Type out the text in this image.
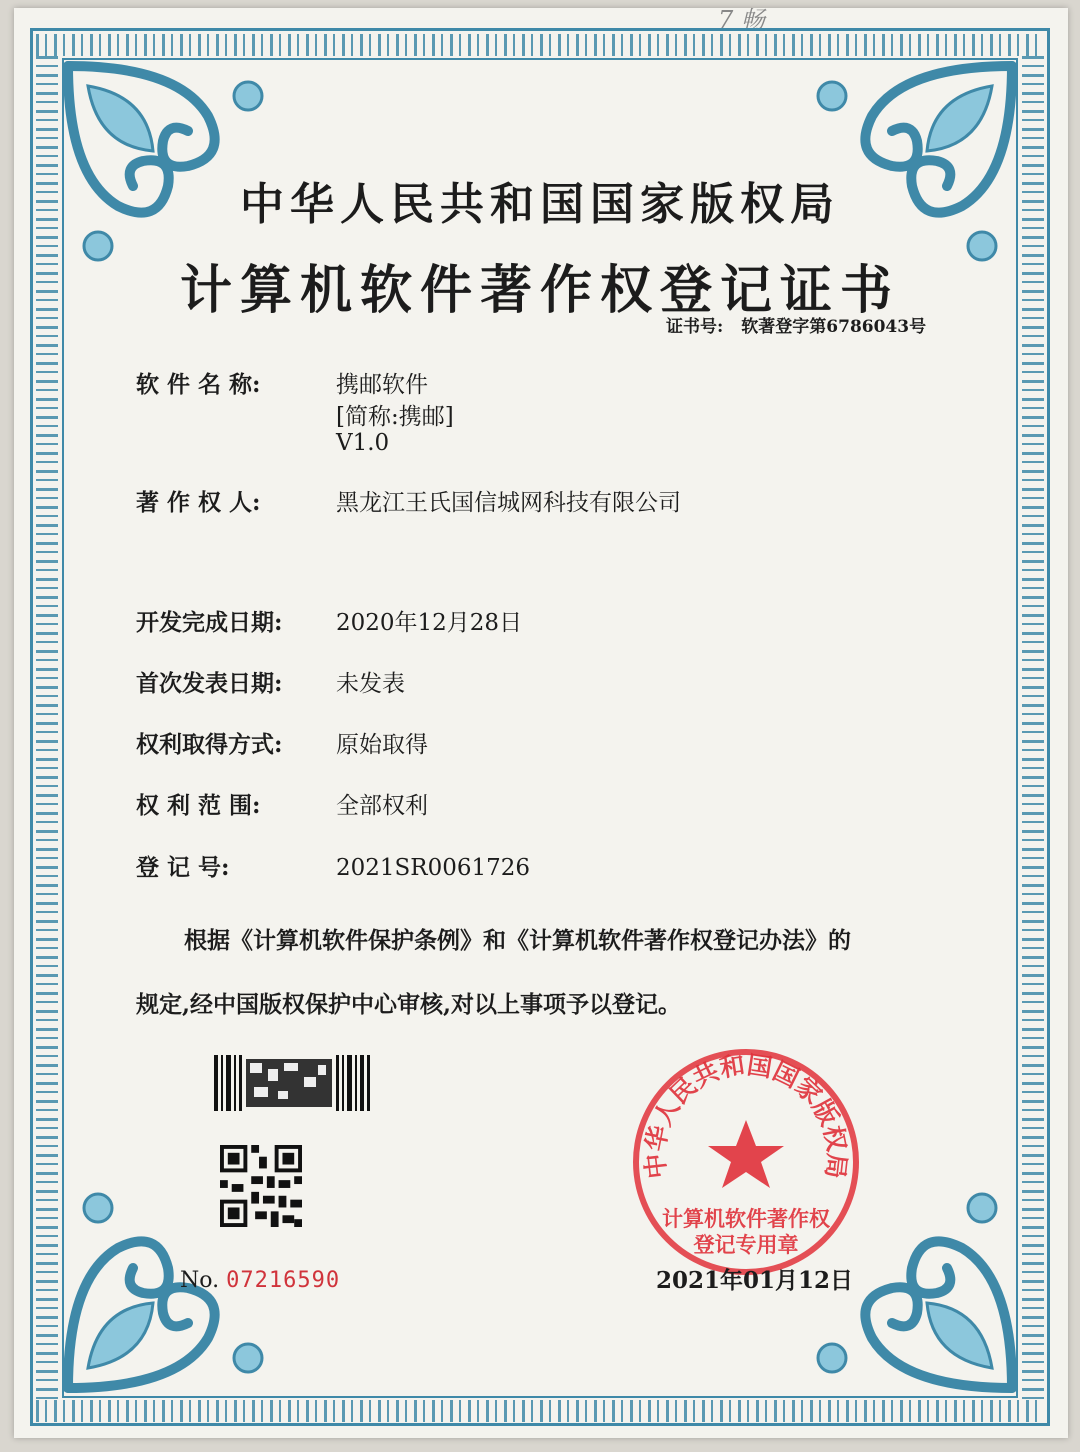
7 畅
中华人民共和国国家版权局
计算机软件著作权登记证书
证书号: 软著登字第6786043号
软 件 名 称:	携邮软件
[简称:携邮]
V1.0
著 作 权 人:	黑龙江王氏国信城网科技有限公司
开发完成日期: 2020年12月28日
首次发表日期: 未发表
权利取得方式: 原始取得
权 利 范 围:	全部权利
登 记 号:	2021SR0061726
根据《计算机软件保护条例》和《计算机软件著作权登记办法》的
规定,经中国版权保护中心审核,对以上事项予以登记。
No. 07216590
中华人民共和国国家版权局
计算机软件著作权
登记专用章
2021年01月12日
